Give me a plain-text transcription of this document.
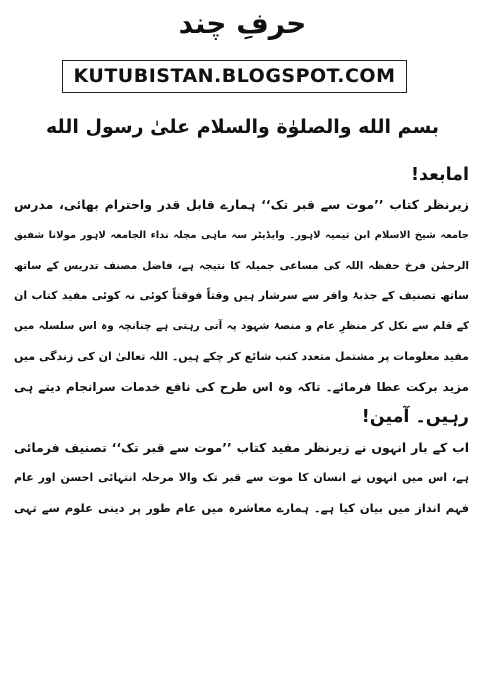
حرفِ چند
KUTUBISTAN.BLOGSPOT.COM
بسم الله والصلوٰة والسلام علیٰ رسول الله
امابعد!
زیرنظر کتاب ’’موت سے قبر تک‘‘ ہمارے قابل قدر واحترام بھائی، مدرس
جامعہ شیخ الاسلام ابن تیمیہ لاہور۔ وایڈیٹر سہ ماہی مجلہ نداء الجامعہ لاہور مولانا شفیق
الرحمٰن فرخ حفظہ اللہ کی مساعی جمیلہ کا نتیجہ ہے، فاضل مصنف تدریس کے ساتھ
ساتھ تصنیف کے جذبۂ وافر سے سرشار ہیں وقتاً فوقتاً کوئی نہ کوئی مفید کتاب ان
کے قلم سے نکل کر منظرِ عام و منصۂ شہود پہ آتی رہتی ہے چنانچہ وہ اس سلسلہ میں
مفید معلومات پر مشتمل متعدد کتب شائع کر چکے ہیں۔ اللہ تعالیٰ ان کی زندگی میں
مزید برکت عطا فرمائے۔ تاکہ وہ اس طرح کی نافع خدمات سرانجام دیتے ہی
رہیں۔ آمین!
اب کے بار انہوں نے زیرنظر مفید کتاب ’’موت سے قبر تک‘‘ تصنیف فرمائی
ہے، اس میں انہوں نے انسان کا موت سے قبر تک والا مرحلہ انتہائی احسن اور عام
فہم انداز میں بیان کیا ہے۔ ہمارے معاشرہ میں عام طور پر دینی علوم سے تہی
